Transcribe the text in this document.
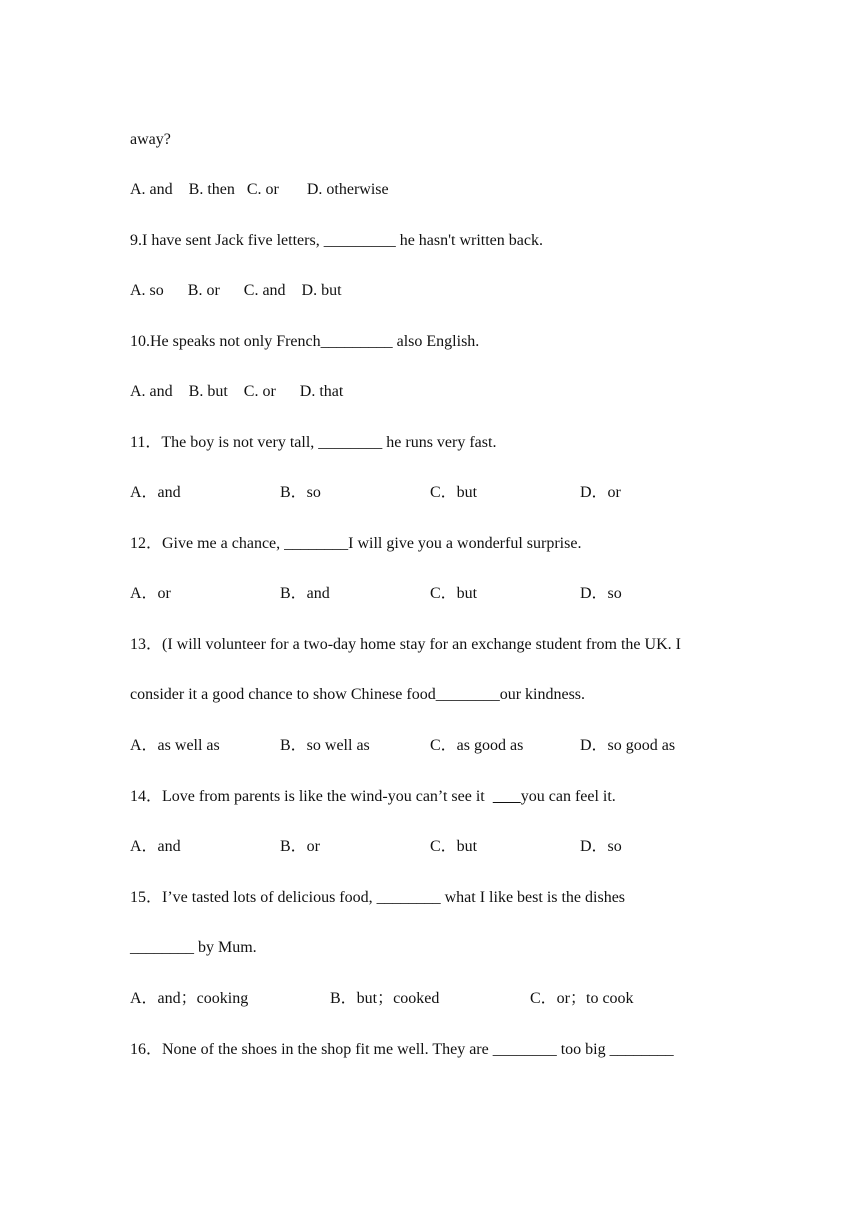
away?
A. and    B. then   C. or       D. otherwise
9.I have sent Jack five letters, _________ he hasn't written back.
A. so      B. or      C. and    D. but
10.He speaks not only French_________ also English.
A. and    B. but    C. or      D. that
11．The boy is not very tall, ________ he runs very fast.
A．and	B．so	C．but	D．or
12．Give me a chance, ________I will give you a wonderful surprise.
A．or	B．and	C．but	D．so
13．(I will volunteer for a two-day home stay for an exchange student from the UK. I
consider it a good chance to show Chinese food________our kindness.
A．as well as	B．so well as	C．as good as	D．so good as
14．Love from parents is like the wind-you can’t see it         you can feel it.
A．and	B．or	C．but	D．so
15．I’ve tasted lots of delicious food, ________ what I like best is the dishes
________ by Mum.
A．and；cooking	B．but；cooked	C．or；to cook
16．None of the shoes in the shop fit me well. They are ________ too big ________
